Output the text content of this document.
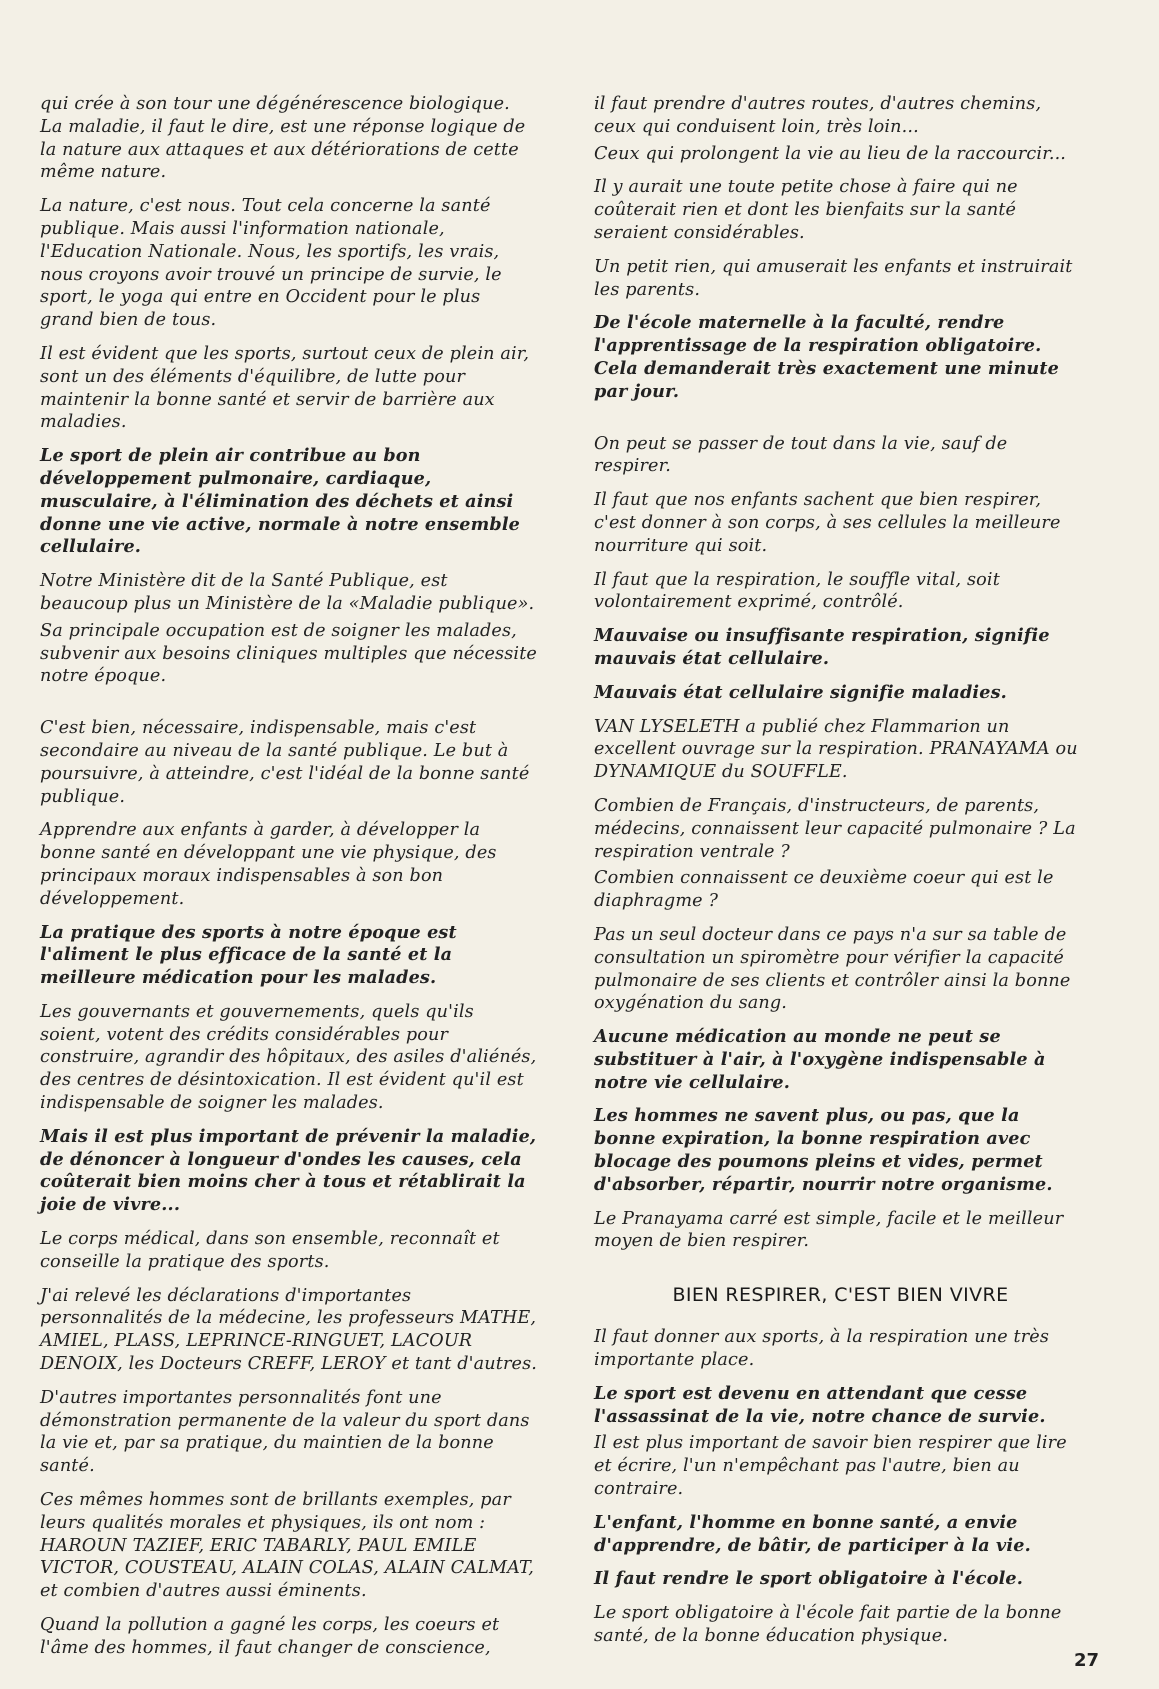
qui crée à son tour une dégénérescence biologique. La maladie, il faut le dire, est une réponse logique de la nature aux attaques et aux détériorations de cette même nature.

La nature, c'est nous. Tout cela concerne la santé publique. Mais aussi l'information nationale, l'Education Nationale. Nous, les sportifs, les vrais, nous croyons avoir trouvé un principe de survie, le sport, le yoga qui entre en Occident pour le plus grand bien de tous.

Il est évident que les sports, surtout ceux de plein air, sont un des éléments d'équilibre, de lutte pour maintenir la bonne santé et servir de barrière aux maladies.

Le sport de plein air contribue au bon développement pulmonaire, cardiaque, musculaire, à l'élimination des déchets et ainsi donne une vie active, normale à notre ensemble cellulaire.

Notre Ministère dit de la Santé Publique, est beaucoup plus un Ministère de la «Maladie publique».

Sa principale occupation est de soigner les malades, subvenir aux besoins cliniques multiples que nécessite notre époque.

C'est bien, nécessaire, indispensable, mais c'est secondaire au niveau de la santé publique. Le but à poursuivre, à atteindre, c'est l'idéal de la bonne santé publique.

Apprendre aux enfants à garder, à développer la bonne santé en développant une vie physique, des principaux moraux indispensables à son bon développement.

La pratique des sports à notre époque est l'aliment le plus efficace de la santé et la meilleure médication pour les malades.

Les gouvernants et gouvernements, quels qu'ils soient, votent des crédits considérables pour construire, agrandir des hôpitaux, des asiles d'aliénés, des centres de désintoxication. Il est évident qu'il est indispensable de soigner les malades.

Mais il est plus important de prévenir la maladie, de dénoncer à longueur d'ondes les causes, cela coûterait bien moins cher à tous et rétablirait la joie de vivre...

Le corps médical, dans son ensemble, reconnaît et conseille la pratique des sports.

J'ai relevé les déclarations d'importantes personnalités de la médecine, les professeurs MATHE, AMIEL, PLASS, LEPRINCE-RINGUET, LACOUR DENOIX, les Docteurs CREFF, LEROY et tant d'autres.

D'autres importantes personnalités font une démonstration permanente de la valeur du sport dans la vie et, par sa pratique, du maintien de la bonne santé.

Ces mêmes hommes sont de brillants exemples, par leurs qualités morales et physiques, ils ont nom : HAROUN TAZIEF, ERIC TABARLY, PAUL EMILE VICTOR, COUSTEAU, ALAIN COLAS, ALAIN CALMAT, et combien d'autres aussi éminents.

Quand la pollution a gagné les corps, les coeurs et l'âme des hommes, il faut changer de conscience,

il faut prendre d'autres routes, d'autres chemins, ceux qui conduisent loin, très loin...

Ceux qui prolongent la vie au lieu de la raccourcir...

Il y aurait une toute petite chose à faire qui ne coûterait rien et dont les bienfaits sur la santé seraient considérables.

Un petit rien, qui amuserait les enfants et instruirait les parents.

De l'école maternelle à la faculté, rendre l'apprentissage de la respiration obligatoire. Cela demanderait très exactement une minute par jour.

On peut se passer de tout dans la vie, sauf de respirer.

Il faut que nos enfants sachent que bien respirer, c'est donner à son corps, à ses cellules la meilleure nourriture qui soit.

Il faut que la respiration, le souffle vital, soit volontairement exprimé, contrôlé.

Mauvaise ou insuffisante respiration, signifie mauvais état cellulaire.

Mauvais état cellulaire signifie maladies.

VAN LYSELETH a publié chez Flammarion un excellent ouvrage sur la respiration. PRANAYAMA ou DYNAMIQUE du SOUFFLE.

Combien de Français, d'instructeurs, de parents, médecins, connaissent leur capacité pulmonaire ? La respiration ventrale ?

Combien connaissent ce deuxième coeur qui est le diaphragme ?

Pas un seul docteur dans ce pays n'a sur sa table de consultation un spiromètre pour vérifier la capacité pulmonaire de ses clients et contrôler ainsi la bonne oxygénation du sang.

Aucune médication au monde ne peut se substituer à l'air, à l'oxygène indispensable à notre vie cellulaire.

Les hommes ne savent plus, ou pas, que la bonne expiration, la bonne respiration avec blocage des poumons pleins et vides, permet d'absorber, répartir, nourrir notre organisme.

Le Pranayama carré est simple, facile et le meilleur moyen de bien respirer.

BIEN RESPIRER, C'EST BIEN VIVRE

Il faut donner aux sports, à la respiration une très importante place.

Le sport est devenu en attendant que cesse l'assassinat de la vie, notre chance de survie.

Il est plus important de savoir bien respirer que lire et écrire, l'un n'empêchant pas l'autre, bien au contraire.

L'enfant, l'homme en bonne santé, a envie d'apprendre, de bâtir, de participer à la vie.

Il faut rendre le sport obligatoire à l'école.

Le sport obligatoire à l'école fait partie de la bonne santé, de la bonne éducation physique.

27
